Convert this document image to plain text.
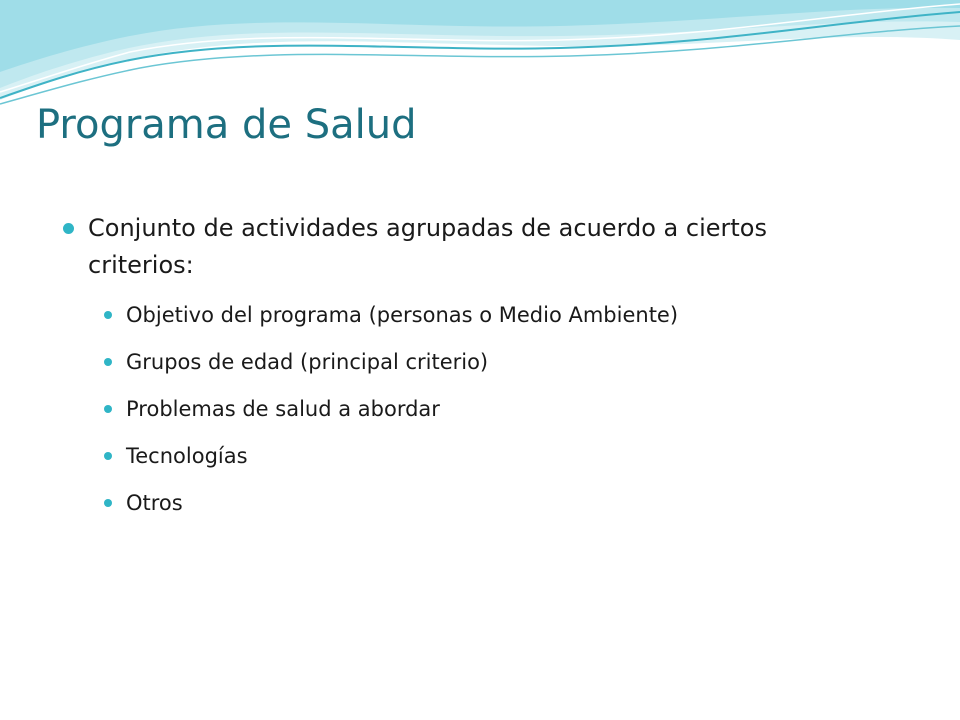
Programa de Salud
Conjunto de actividades agrupadas de acuerdo a ciertos criterios:
Objetivo del programa (personas o Medio Ambiente)
Grupos de edad (principal criterio)
Problemas de salud a abordar
Tecnologías
Otros
